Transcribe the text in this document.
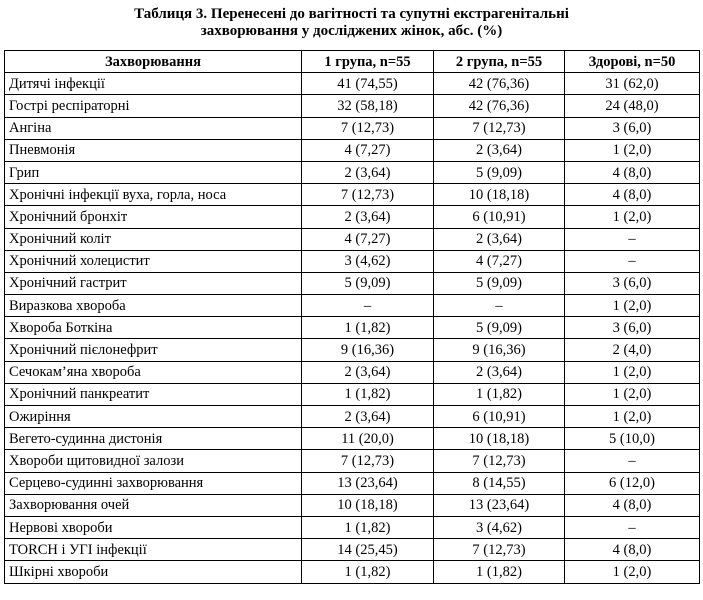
Таблиця 3. Перенесені до вагітності та супутні екстрагенітальні
захворювання у досліджених жінок, абс. (%)
Захворювання	1 група, n=55	2 група, n=55	Здорові, n=50
Дитячі інфекції	41 (74,55)	42 (76,36)	31 (62,0)
Гострі респіраторні	32 (58,18)	42 (76,36)	24 (48,0)
Ангіна	7 (12,73)	7 (12,73)	3 (6,0)
Пневмонія	4 (7,27)	2 (3,64)	1 (2,0)
Грип	2 (3,64)	5 (9,09)	4 (8,0)
Хронічні інфекції вуха, горла, носа	7 (12,73)	10 (18,18)	4 (8,0)
Хронічний бронхіт	2 (3,64)	6 (10,91)	1 (2,0)
Хронічний коліт	4 (7,27)	2 (3,64)	–
Хронічний холецистит	3 (4,62)	4 (7,27)	–
Хронічний гастрит	5 (9,09)	5 (9,09)	3 (6,0)
Виразкова хвороба	–	–	1 (2,0)
Хвороба Боткіна	1 (1,82)	5 (9,09)	3 (6,0)
Хронічний пієлонефрит	9 (16,36)	9 (16,36)	2 (4,0)
Сечокам’яна хвороба	2 (3,64)	2 (3,64)	1 (2,0)
Хронічний панкреатит	1 (1,82)	1 (1,82)	1 (2,0)
Ожиріння	2 (3,64)	6 (10,91)	1 (2,0)
Вегето-судинна дистонія	11 (20,0)	10 (18,18)	5 (10,0)
Хвороби щитовидної залози	7 (12,73)	7 (12,73)	–
Серцево-судинні захворювання	13 (23,64)	8 (14,55)	6 (12,0)
Захворювання очей	10 (18,18)	13 (23,64)	4 (8,0)
Нервові хвороби	1 (1,82)	3 (4,62)	–
TORCH і УГІ інфекції	14 (25,45)	7 (12,73)	4 (8,0)
Шкірні хвороби	1 (1,82)	1 (1,82)	1 (2,0)
